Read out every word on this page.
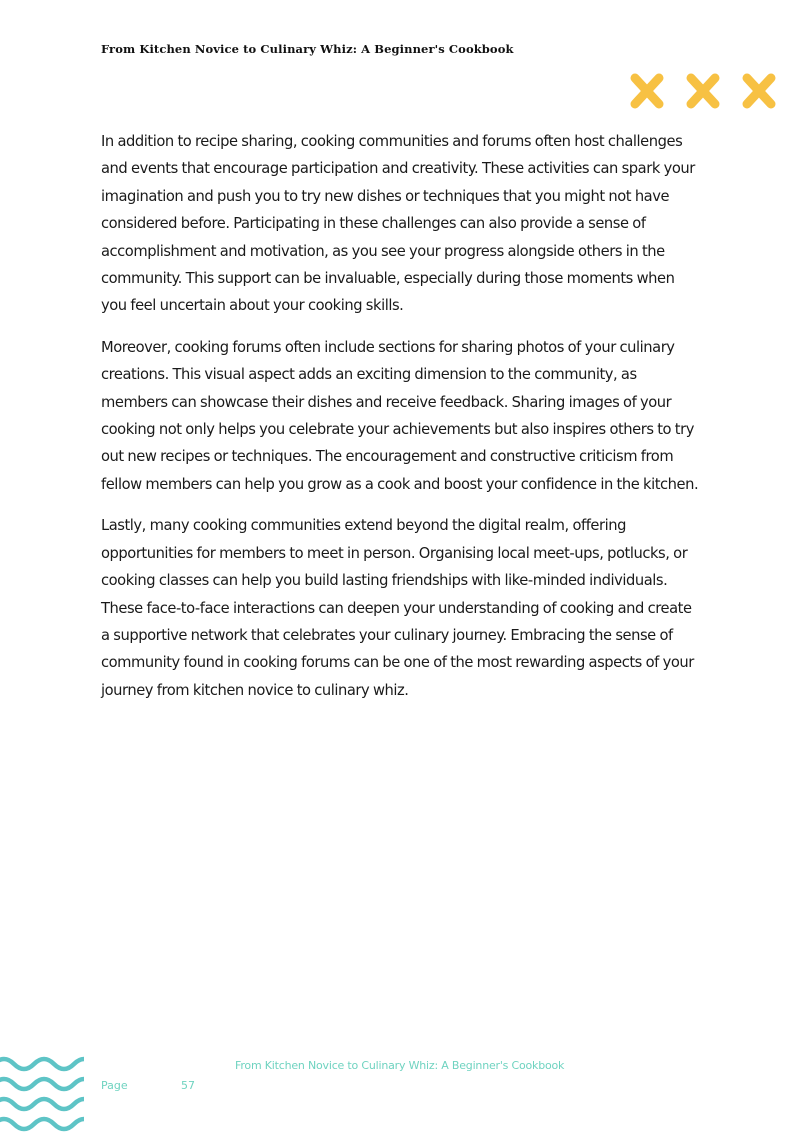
From Kitchen Novice to Culinary Whiz: A Beginner's Cookbook

In addition to recipe sharing, cooking communities and forums often host challenges and events that encourage participation and creativity. These activities can spark your imagination and push you to try new dishes or techniques that you might not have considered before. Participating in these challenges can also provide a sense of accomplishment and motivation, as you see your progress alongside others in the community. This support can be invaluable, especially during those moments when you feel uncertain about your cooking skills.

Moreover, cooking forums often include sections for sharing photos of your culinary creations. This visual aspect adds an exciting dimension to the community, as members can showcase their dishes and receive feedback. Sharing images of your cooking not only helps you celebrate your achievements but also inspires others to try out new recipes or techniques. The encouragement and constructive criticism from fellow members can help you grow as a cook and boost your confidence in the kitchen.

Lastly, many cooking communities extend beyond the digital realm, offering opportunities for members to meet in person. Organising local meet-ups, potlucks, or cooking classes can help you build lasting friendships with like-minded individuals. These face-to-face interactions can deepen your understanding of cooking and create a supportive network that celebrates your culinary journey. Embracing the sense of community found in cooking forums can be one of the most rewarding aspects of your journey from kitchen novice to culinary whiz.

From Kitchen Novice to Culinary Whiz: A Beginner's Cookbook
Page	57
